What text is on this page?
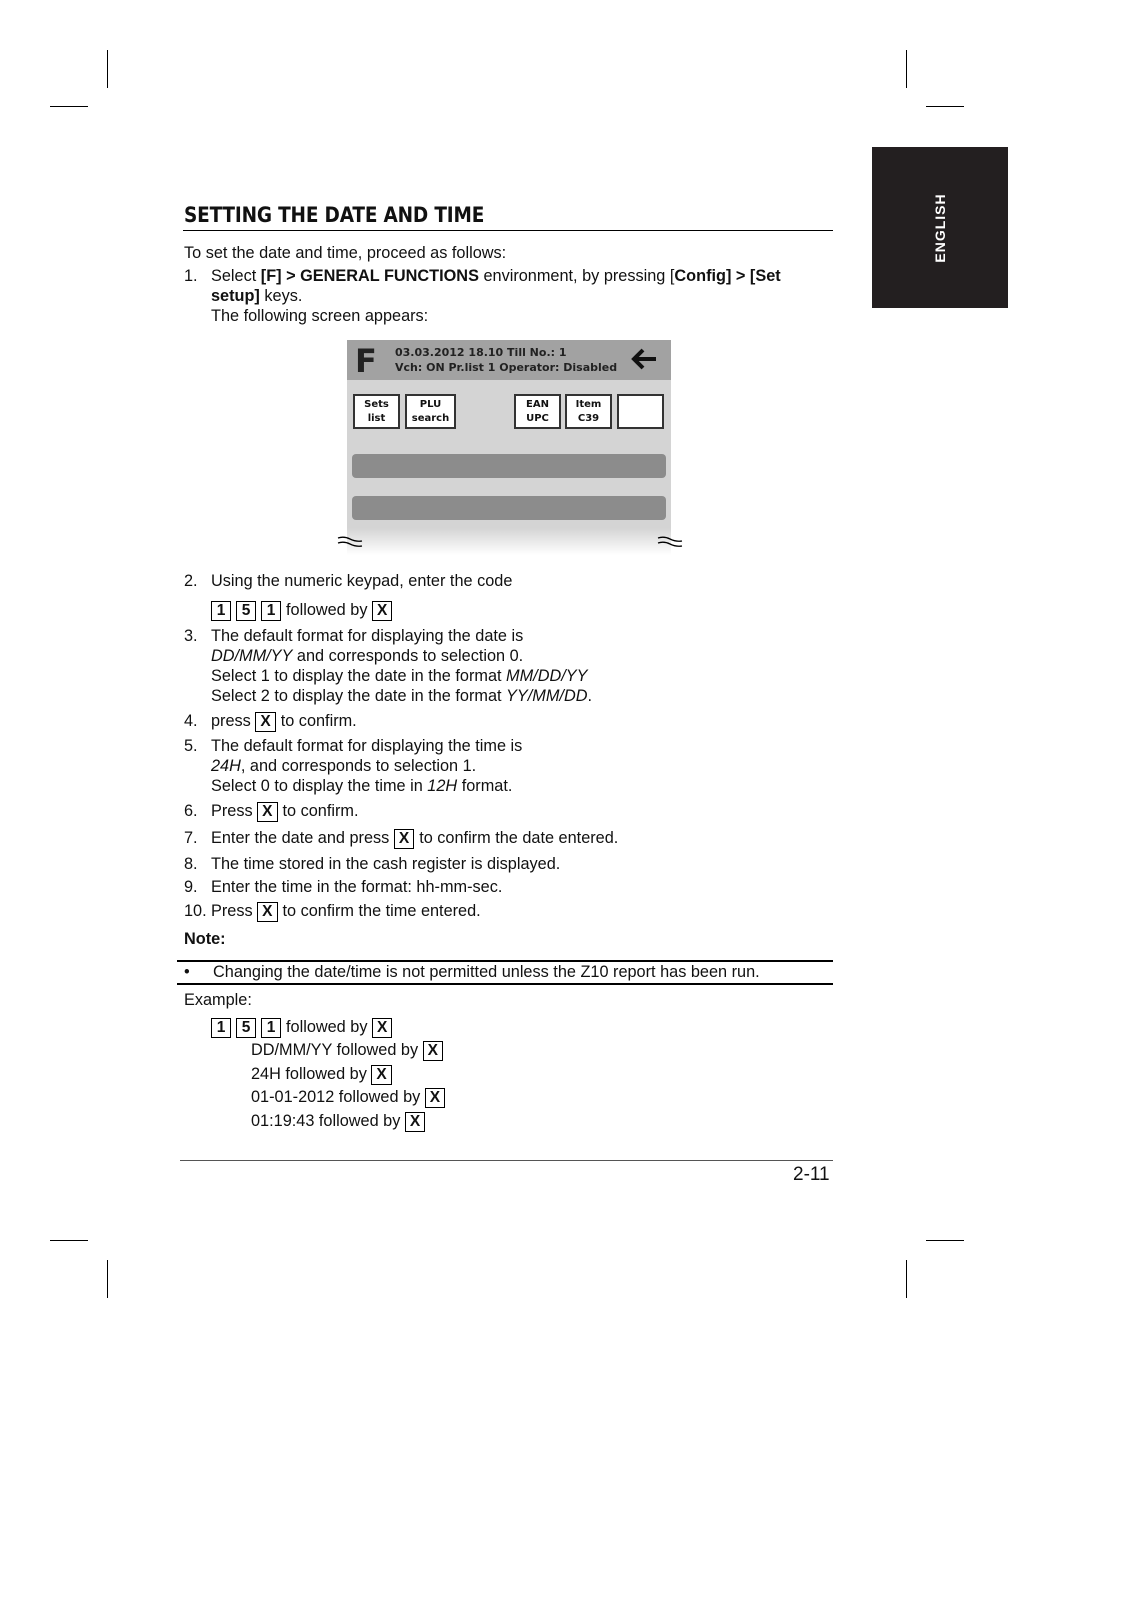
ENGLISH
SETTING THE DATE AND TIME
To set the date and time, proceed as follows:
1. Select [F] > GENERAL FUNCTIONS environment, by pressing [Config] > [Set
setup] keys.
The following screen appears:
F 03.03.2012 18.10 Till No.: 1
Vch: ON Pr.list 1 Operator: Disabled
Sets
list
PLU
search
EAN
UPC
Item
C39
2. Using the numeric keypad, enter the code
1 5 1 followed by X
3. The default format for displaying the date is
DD/MM/YY and corresponds to selection 0.
Select 1 to display the date in the format MM/DD/YY
Select 2 to display the date in the format YY/MM/DD.
4. press X to confirm.
5. The default format for displaying the time is
24H, and corresponds to selection 1.
Select 0 to display the time in 12H format.
6. Press X to confirm.
7. Enter the date and press X to confirm the date entered.
8. The time stored in the cash register is displayed.
9. Enter the time in the format: hh-mm-sec.
10. Press X to confirm the time entered.
Note:
• Changing the date/time is not permitted unless the Z10 report has been run.
Example:
1 5 1 followed by X
DD/MM/YY followed by X
24H followed by X
01-01-2012 followed by X
01:19:43 followed by X
2-11
